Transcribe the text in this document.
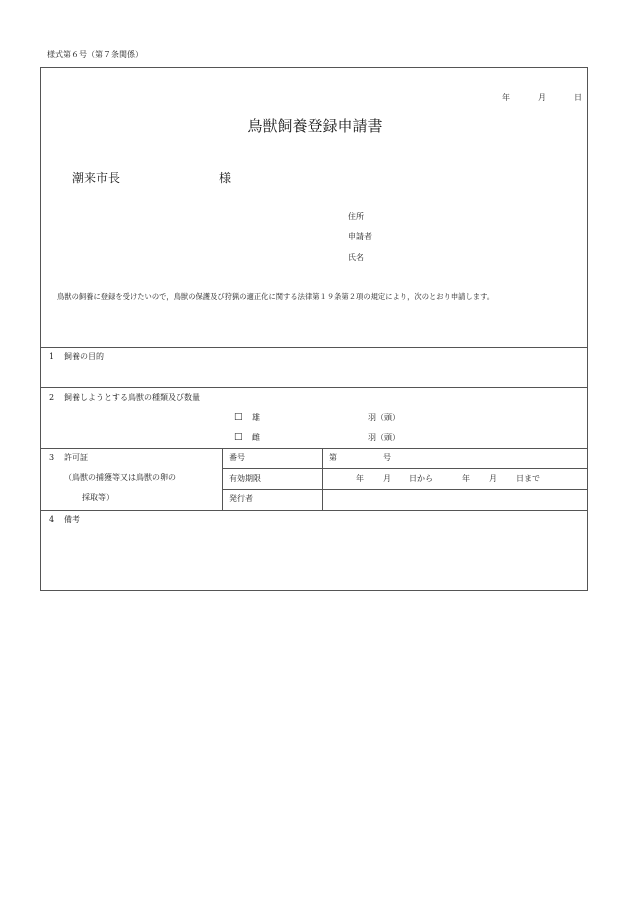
様式第６号（第７条関係）
年	月	日
鳥獣飼養登録申請書
潮来市長	様
住所
申請者
氏名
鳥獣の飼養に登録を受けたいので，鳥獣の保護及び狩猟の適正化に関する法律第１９条第２項の規定により，次のとおり申請します。
1 飼養の目的
2 飼養しようとする鳥獣の種類及び数量
□ 雄	羽（頭）
□ 雌	羽（頭）
3 許可証
（鳥獣の捕獲等又は鳥獣の卵の
採取等）
番号	第	号
有効期限	年 月 日から	年 月 日まで
発行者
4 備考
